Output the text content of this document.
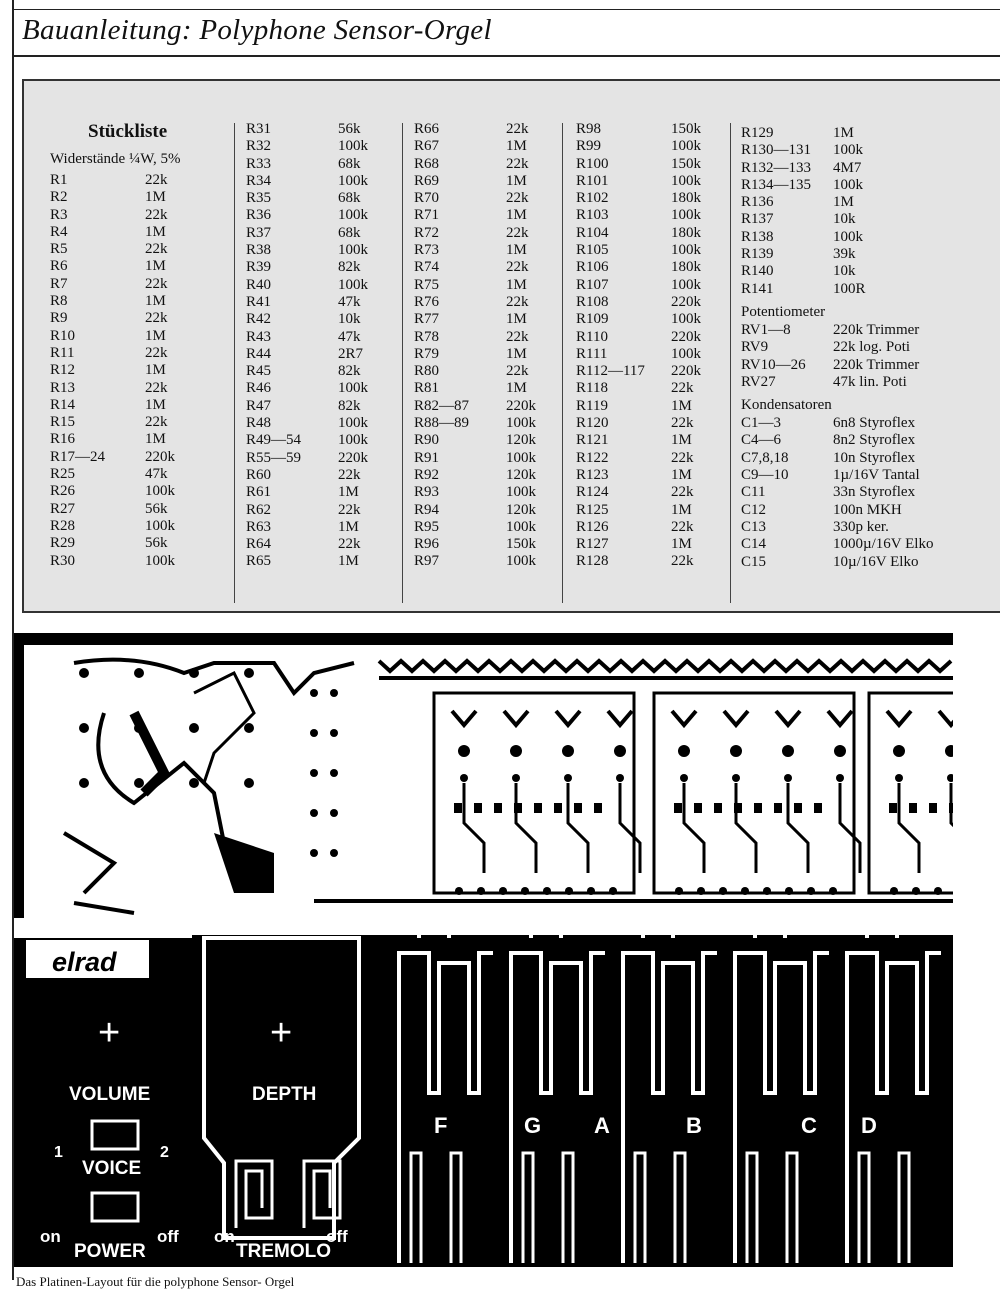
Bauanleitung: Polyphone Sensor-Orgel
Stückliste
Widerstände ¼W, 5%
R1	22k
R2	1M
R3	22k
R4	1M
R5	22k
R6	1M
R7	22k
R8	1M
R9	22k
R10	1M
R11	22k
R12	1M
R13	22k
R14	1M
R15	22k
R16	1M
R17—24	220k
R25	47k
R26	100k
R27	56k
R28	100k
R29	56k
R30	100k
R31	56k
R32	100k
R33	68k
R34	100k
R35	68k
R36	100k
R37	68k
R38	100k
R39	82k
R40	100k
R41	47k
R42	10k
R43	47k
R44	2R7
R45	82k
R46	100k
R47	82k
R48	100k
R49—54	100k
R55—59	220k
R60	22k
R61	1M
R62	22k
R63	1M
R64	22k
R65	1M
R66	22k
R67	1M
R68	22k
R69	1M
R70	22k
R71	1M
R72	22k
R73	1M
R74	22k
R75	1M
R76	22k
R77	1M
R78	22k
R79	1M
R80	22k
R81	1M
R82—87	220k
R88—89	100k
R90	120k
R91	100k
R92	120k
R93	100k
R94	120k
R95	100k
R96	150k
R97	100k
R98	150k
R99	100k
R100	150k
R101	100k
R102	180k
R103	100k
R104	180k
R105	100k
R106	180k
R107	100k
R108	220k
R109	100k
R110	220k
R111	100k
R112—117	220k
R118	22k
R119	1M
R120	22k
R121	1M
R122	22k
R123	1M
R124	22k
R125	1M
R126	22k
R127	1M
R128	22k
R129	1M
R130—131	100k
R132—133	4M7
R134—135	100k
R136	1M
R137	10k
R138	100k
R139	39k
R140	10k
R141	100R
Potentiometer
RV1—8	220k Trimmer
RV9	22k log. Poti
RV10—26	220k Trimmer
RV27	47k lin. Poti
Kondensatoren
C1—3	6n8 Styroflex
C4—6	8n2 Styroflex
C7,8,18	10n Styroflex
C9—10	1µ/16V Tantal
C11	33n Styroflex
C12	100n MKH
C13	330p ker.
C14	1000µ/16V Elko
C15	10µ/16V Elko
elrad
+
VOLUME
+
DEPTH
1
VOICE
2
on
POWER
off on
TREMOLO
off
F	G A	B	C D
Das Platinen-Layout für die polyphone Sensor- Orgel
